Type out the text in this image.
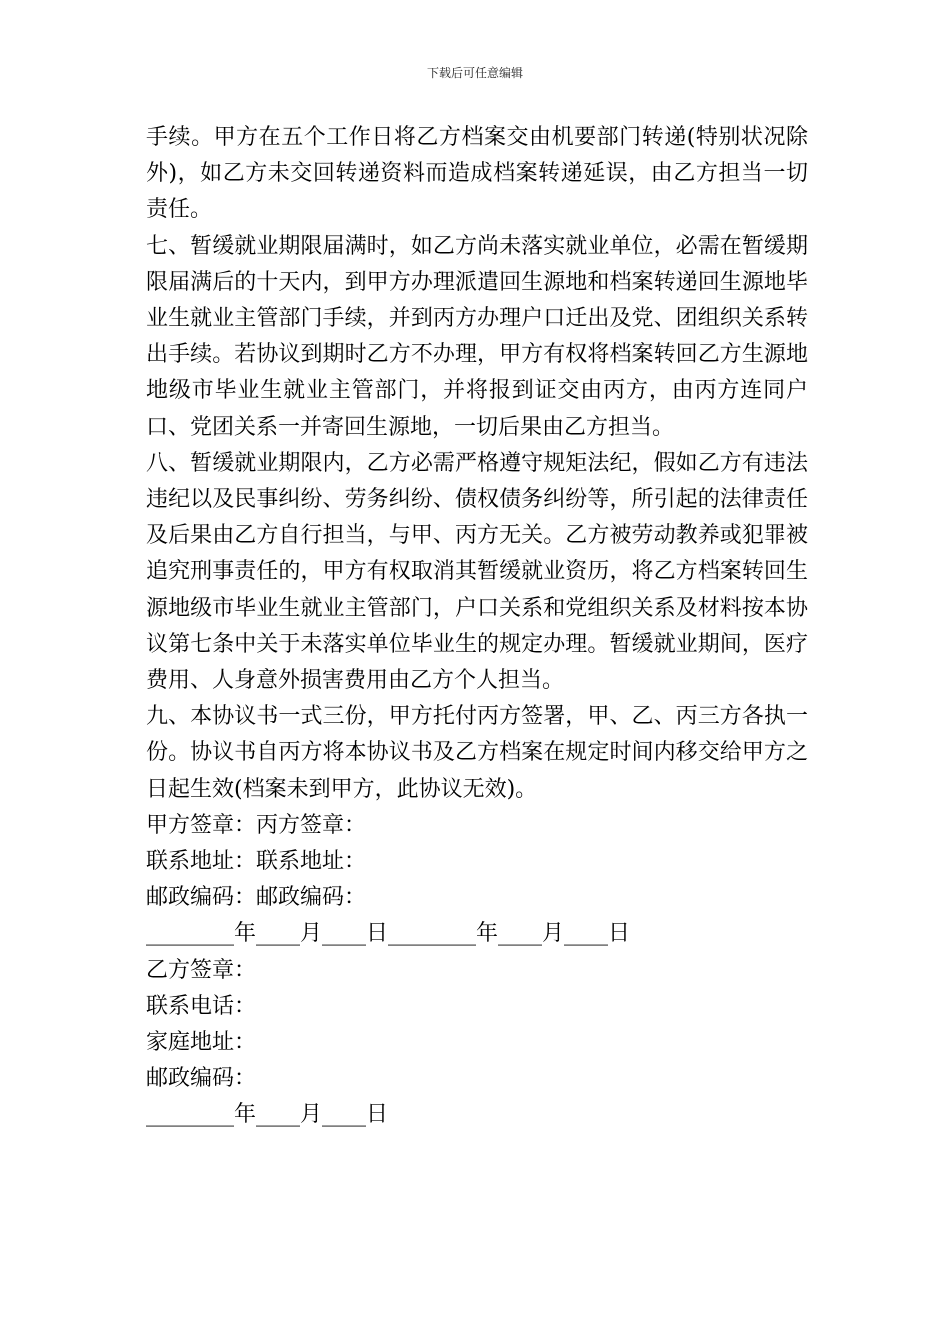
下载后可任意编辑

手续。甲方在五个工作日将乙方档案交由机要部门转递(特别状况除外)，如乙方未交回转递资料而造成档案转递延误，由乙方担当一切责任。

七、暂缓就业期限届满时，如乙方尚未落实就业单位，必需在暂缓期限届满后的十天内，到甲方办理派遣回生源地和档案转递回生源地毕业生就业主管部门手续，并到丙方办理户口迁出及党、团组织关系转出手续。若协议到期时乙方不办理，甲方有权将档案转回乙方生源地地级市毕业生就业主管部门，并将报到证交由丙方，由丙方连同户口、党团关系一并寄回生源地，一切后果由乙方担当。

八、暂缓就业期限内，乙方必需严格遵守规矩法纪，假如乙方有违法违纪以及民事纠纷、劳务纠纷、债权债务纠纷等，所引起的法律责任及后果由乙方自行担当，与甲、丙方无关。乙方被劳动教养或犯罪被追究刑事责任的，甲方有权取消其暂缓就业资历，将乙方档案转回生源地级市毕业生就业主管部门，户口关系和党组织关系及材料按本协议第七条中关于未落实单位毕业生的规定办理。暂缓就业期间，医疗费用、人身意外损害费用由乙方个人担当。

九、本协议书一式三份，甲方托付丙方签署，甲、乙、丙三方各执一份。协议书自丙方将本协议书及乙方档案在规定时间内移交给甲方之日起生效(档案未到甲方，此协议无效)。

甲方签章：丙方签章：

联系地址：联系地址：

邮政编码：邮政编码：

________年____月____日________年____月____日

乙方签章：

联系电话：

家庭地址：

邮政编码：

________年____月____日
